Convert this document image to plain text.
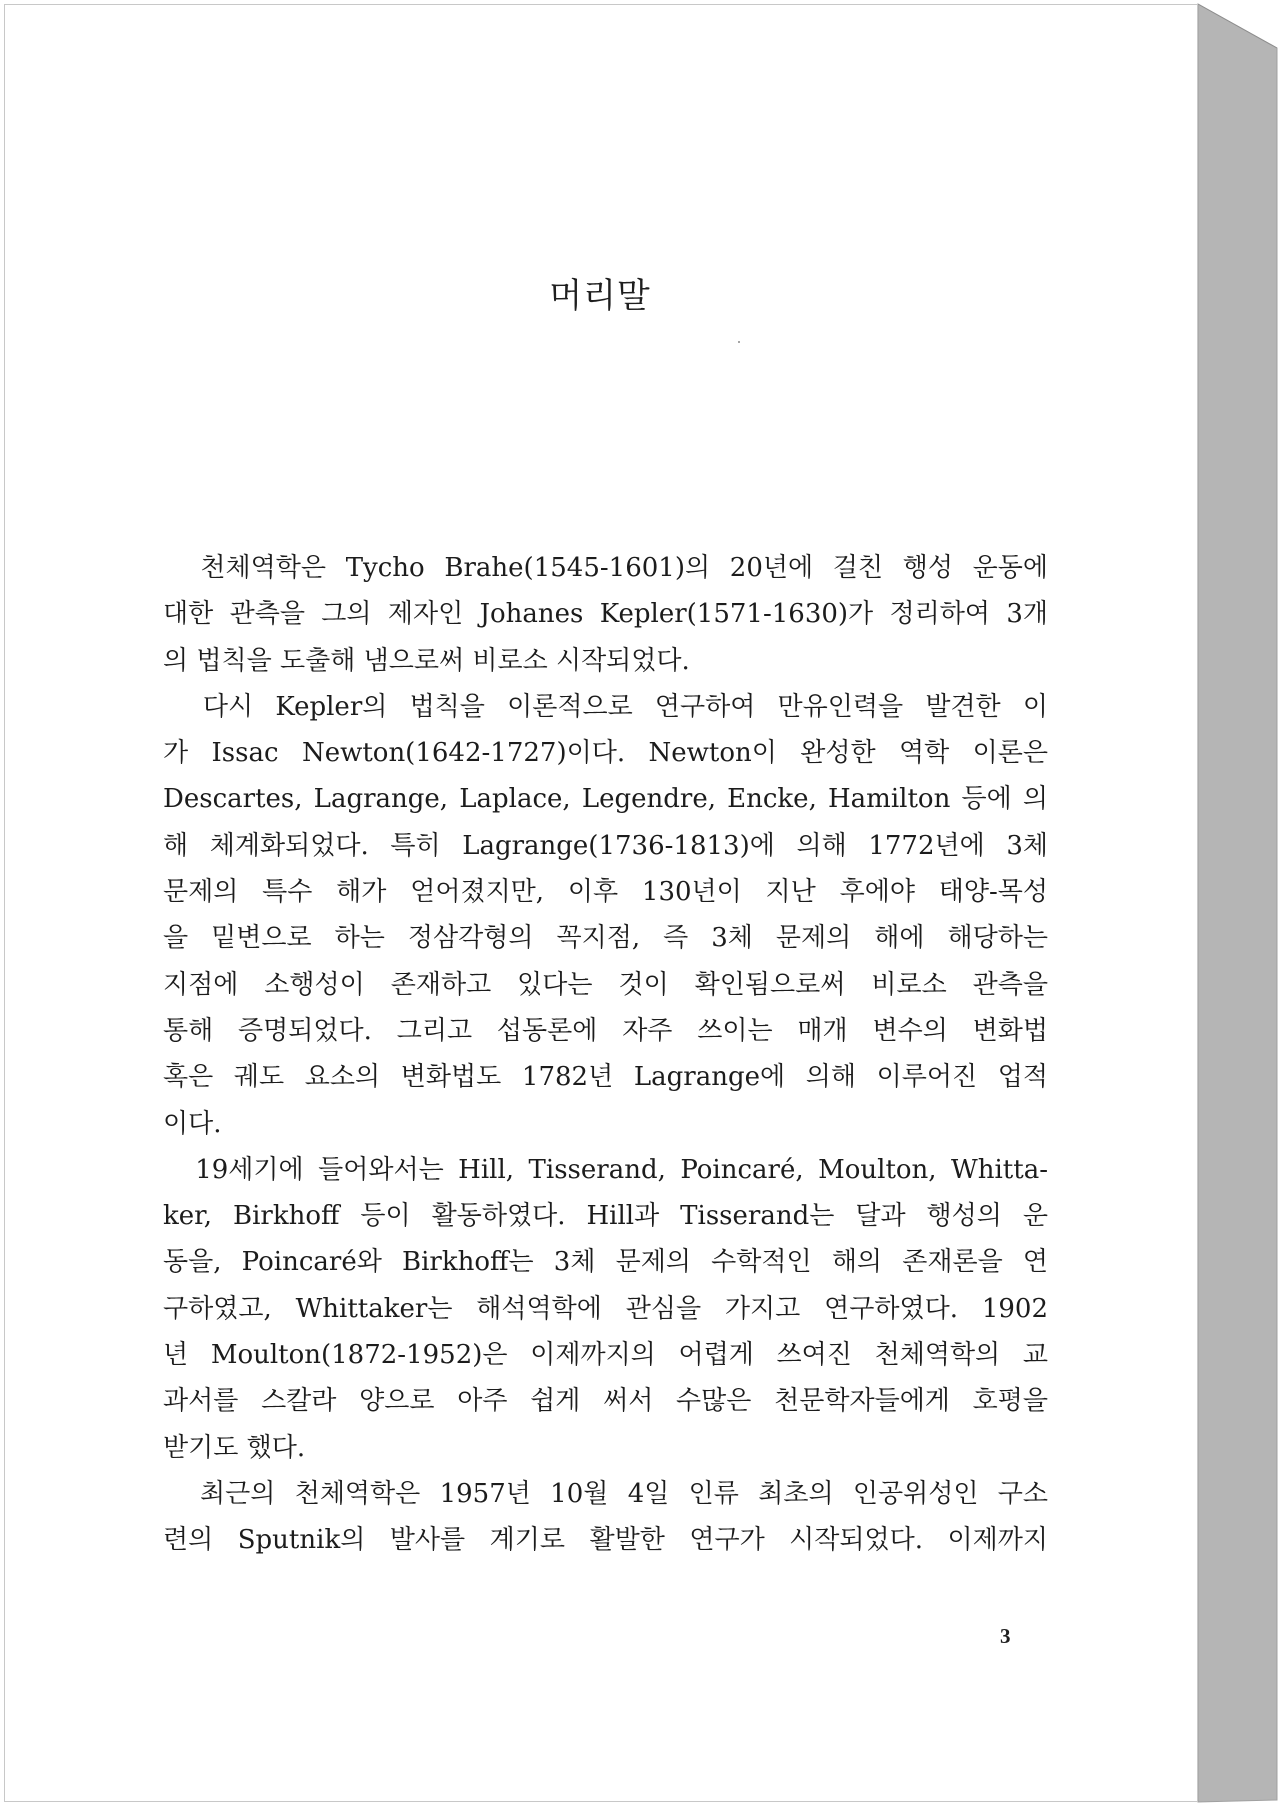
머리말
　천체역학은 Tycho Brahe(1545-1601)의 20년에 걸친 행성 운동에
대한 관측을 그의 제자인 Johanes Kepler(1571-1630)가 정리하여 3개
의 법칙을 도출해 냄으로써 비로소 시작되었다.
　다시 Kepler의 법칙을 이론적으로 연구하여 만유인력을 발견한 이
가 Issac Newton(1642-1727)이다. Newton이 완성한 역학 이론은
Descartes, Lagrange, Laplace, Legendre, Encke, Hamilton 등에 의
해 체계화되었다. 특히 Lagrange(1736-1813)에 의해 1772년에 3체
문제의 특수 해가 얻어졌지만, 이후 130년이 지난 후에야 태양-목성
을 밑변으로 하는 정삼각형의 꼭지점, 즉 3체 문제의 해에 해당하는
지점에 소행성이 존재하고 있다는 것이 확인됨으로써 비로소 관측을
통해 증명되었다. 그리고 섭동론에 자주 쓰이는 매개 변수의 변화법
혹은 궤도 요소의 변화법도 1782년 Lagrange에 의해 이루어진 업적
이다.
　19세기에 들어와서는 Hill, Tisserand, Poincaré, Moulton, Whitta-
ker, Birkhoff 등이 활동하였다. Hill과 Tisserand는 달과 행성의 운
동을, Poincaré와 Birkhoff는 3체 문제의 수학적인 해의 존재론을 연
구하였고, Whittaker는 해석역학에 관심을 가지고 연구하였다. 1902
년 Moulton(1872-1952)은 이제까지의 어렵게 쓰여진 천체역학의 교
과서를 스칼라 양으로 아주 쉽게 써서 수많은 천문학자들에게 호평을
받기도 했다.
　최근의 천체역학은 1957년 10월 4일 인류 최초의 인공위성인 구소
련의 Sputnik의 발사를 계기로 활발한 연구가 시작되었다. 이제까지
3
